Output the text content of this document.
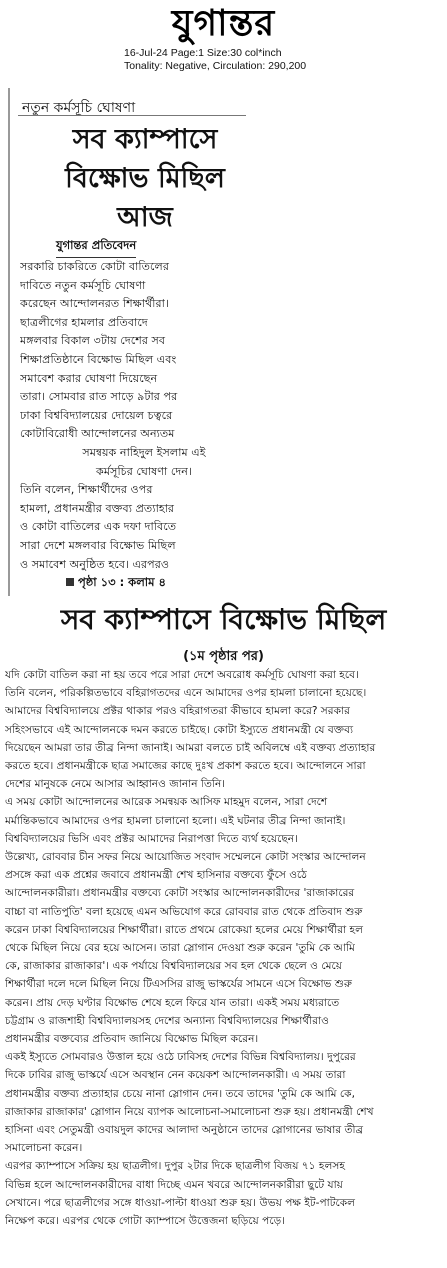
যুগান্তর
16-Jul-24 Page:1 Size:30 col*inch
Tonality: Negative, Circulation: 290,200
নতুন কর্মসূচি ঘোষণা
সব ক্যাম্পাসে
বিক্ষোভ মিছিল
আজ
যুগান্তর প্রতিবেদন
সরকারি চাকরিতে কোটা বাতিলের
দাবিতে নতুন কর্মসূচি ঘোষণা
করেছেন আন্দোলনরত শিক্ষার্থীরা।
ছাত্রলীগের হামলার প্রতিবাদে
মঙ্গলবার বিকাল ৩টায় দেশের সব
শিক্ষাপ্রতিষ্ঠানে বিক্ষোভ মিছিল এবং
সমাবেশ করার ঘোষণা দিয়েছেন
তারা। সোমবার রাত সাড়ে ৯টার পর
ঢাকা বিশ্ববিদ্যালয়ের দোয়েল চত্বরে
কোটাবিরোধী আন্দোলনের অন্যতম
সমন্বয়ক নাহিদুল ইসলাম এই
কর্মসূচির ঘোষণা দেন।
তিনি বলেন, শিক্ষার্থীদের ওপর
হামলা, প্রধানমন্ত্রীর বক্তব্য প্রত্যাহার
ও কোটা বাতিলের এক দফা দাবিতে
সারা দেশে মঙ্গলবার বিক্ষোভ মিছিল
ও সমাবেশ অনুষ্ঠিত হবে। এরপরও
পৃষ্ঠা ১৩ : কলাম ৪
সব ক্যাম্পাসে বিক্ষোভ মিছিল
(১ম পৃষ্ঠার পর)
যদি কোটা বাতিল করা না হয় তবে পরে সারা দেশে অবরোধ কর্মসূচি ঘোষণা করা হবে।
তিনি বলেন, পরিকল্পিতভাবে বহিরাগতদের এনে আমাদের ওপর হামলা চালানো হয়েছে।
আমাদের বিশ্ববিদ্যালয়ে প্রক্টর থাকার পরও বহিরাগতরা কীভাবে হামলা করে? সরকার
সহিংসভাবে এই আন্দোলনকে দমন করতে চাইছে। কোটা ইস্যুতে প্রধানমন্ত্রী যে বক্তব্য
দিয়েছেন আমরা তার তীব্র নিন্দা জানাই। আমরা বলতে চাই অবিলম্বে এই বক্তব্য প্রত্যাহার
করতে হবে। প্রধানমন্ত্রীকে ছাত্র সমাজের কাছে দুঃখ প্রকাশ করতে হবে। আন্দোলনে সারা
দেশের মানুষকে নেমে আসার আহ্বানও জানান তিনি।
এ সময় কোটা আন্দোলনের আরেক সমন্বয়ক আসিফ মাহমুদ বলেন, সারা দেশে
মর্মান্তিকভাবে আমাদের ওপর হামলা চালানো হলো। এই ঘটনার তীব্র নিন্দা জানাই।
বিশ্ববিদ্যালয়ের ভিসি এবং প্রক্টর আমাদের নিরাপত্তা দিতে ব্যর্থ হয়েছেন।
উল্লেখ্য, রোববার চীন সফর নিয়ে আয়োজিত সংবাদ সম্মেলনে কোটা সংস্কার আন্দোলন
প্রসঙ্গে করা এক প্রশ্নের জবাবে প্রধানমন্ত্রী শেখ হাসিনার বক্তব্যে ফুঁসে ওঠে
আন্দোলনকারীরা। প্রধানমন্ত্রীর বক্তব্যে কোটা সংস্কার আন্দোলনকারীদের 'রাজাকারের
বাচ্চা বা নাতিপুতি' বলা হয়েছে এমন অভিযোগ করে রোববার রাত থেকে প্রতিবাদ শুরু
করেন ঢাকা বিশ্ববিদ্যালয়ের শিক্ষার্থীরা। রাতে প্রথমে রোকেয়া হলের মেয়ে শিক্ষার্থীরা হল
থেকে মিছিল নিয়ে বের হয়ে আসেন। তারা স্লোগান দেওয়া শুরু করেন 'তুমি কে আমি
কে, রাজাকার রাজাকার'। এক পর্যায়ে বিশ্ববিদ্যালয়ের সব হল থেকে ছেলে ও মেয়ে
শিক্ষার্থীরা দলে দলে মিছিল নিয়ে টিএসসির রাজু ভাস্কর্যের সামনে এসে বিক্ষোভ শুরু
করেন। প্রায় দেড় ঘণ্টার বিক্ষোভ শেষে হলে ফিরে যান তারা। একই সময় মধ্যরাতে
চট্টগ্রাম ও রাজশাহী বিশ্ববিদ্যালয়সহ দেশের অন্যান্য বিশ্ববিদ্যালয়ের শিক্ষার্থীরাও
প্রধানমন্ত্রীর বক্তব্যের প্রতিবাদ জানিয়ে বিক্ষোভ মিছিল করেন।
একই ইস্যুতে সোমবারও উত্তাল হয়ে ওঠে ঢাবিসহ দেশের বিভিন্ন বিশ্ববিদ্যালয়। দুপুরের
দিকে ঢাবির রাজু ভাস্কর্যে এসে অবস্থান নেন কয়েকশ আন্দোলনকারী। এ সময় তারা
প্রধানমন্ত্রীর বক্তব্য প্রত্যাহার চেয়ে নানা স্লোগান দেন। তবে তাদের 'তুমি কে আমি কে,
রাজাকার রাজাকার' স্লোগান নিয়ে ব্যাপক আলোচনা-সমালোচনা শুরু হয়। প্রধানমন্ত্রী শেখ
হাসিনা এবং সেতুমন্ত্রী ওবায়দুল কাদের আলাদা অনুষ্ঠানে তাদের স্লোগানের ভাষার তীব্র
সমালোচনা করেন।
এরপর ক্যাম্পাসে সক্রিয় হয় ছাত্রলীগ। দুপুর ২টার দিকে ছাত্রলীগ বিজয় ৭১ হলসহ
বিভিন্ন হলে আন্দোলনকারীদের বাধা দিচ্ছে এমন খবরে আন্দোলনকারীরা ছুটে যায়
সেখানে। পরে ছাত্রলীগের সঙ্গে ধাওয়া-পাল্টা ধাওয়া শুরু হয়। উভয় পক্ষ ইট-পাটকেল
নিক্ষেপ করে। এরপর থেকে গোটা ক্যাম্পাসে উত্তেজনা ছড়িয়ে পড়ে।
